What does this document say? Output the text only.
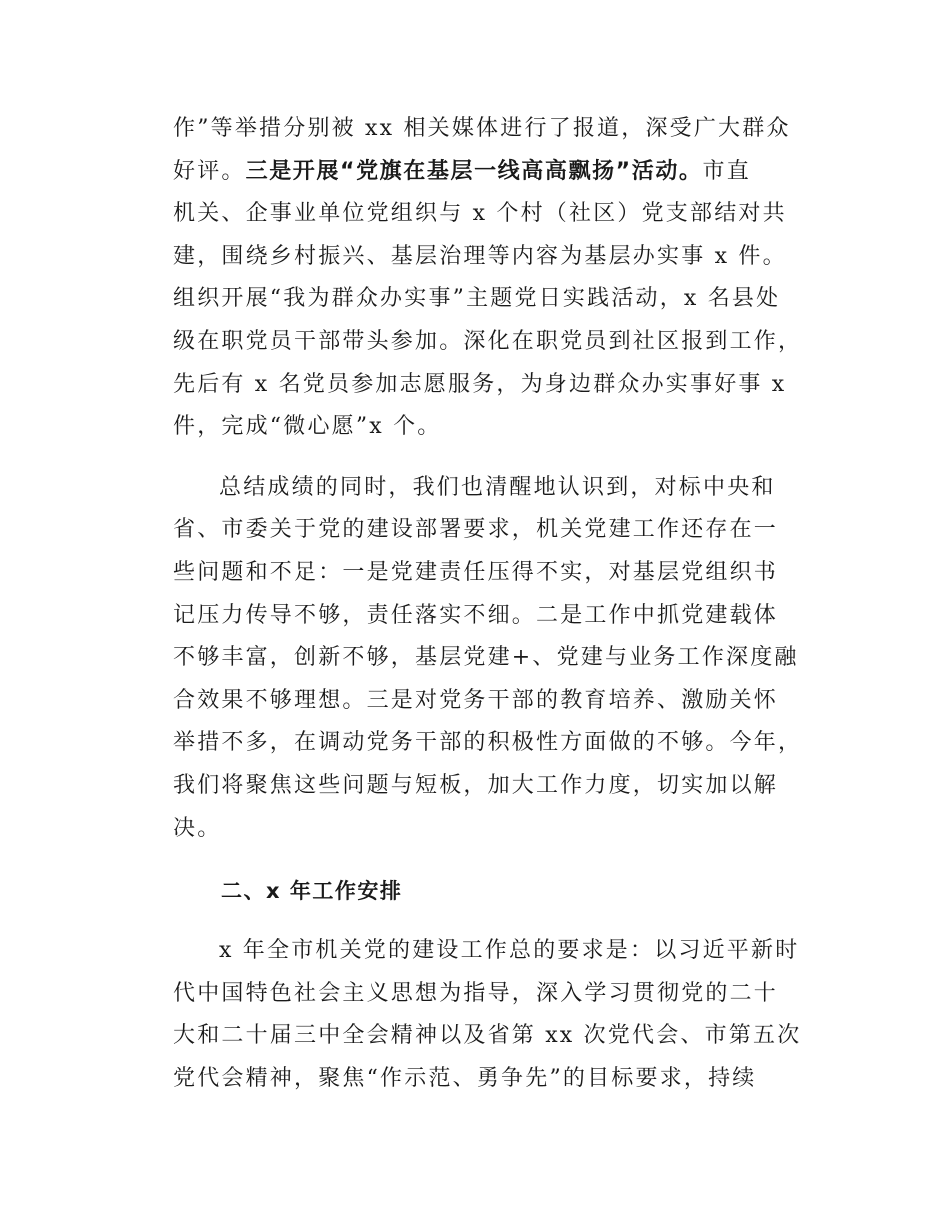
作”等举措分别被 xx 相关媒体进行了报道，深受广大群众
好评。三是开展“党旗在基层一线高高飘扬”活动。市直
机关、企事业单位党组织与 x 个村（社区）党支部结对共
建，围绕乡村振兴、基层治理等内容为基层办实事 x 件。
组织开展“我为群众办实事”主题党日实践活动，x 名县处
级在职党员干部带头参加。深化在职党员到社区报到工作，
先后有 x 名党员参加志愿服务，为身边群众办实事好事 x
件，完成“微心愿”x 个。

总结成绩的同时，我们也清醒地认识到，对标中央和
省、市委关于党的建设部署要求，机关党建工作还存在一
些问题和不足：一是党建责任压得不实，对基层党组织书
记压力传导不够，责任落实不细。二是工作中抓党建载体
不够丰富，创新不够，基层党建+、党建与业务工作深度融
合效果不够理想。三是对党务干部的教育培养、激励关怀
举措不多，在调动党务干部的积极性方面做的不够。今年，
我们将聚焦这些问题与短板，加大工作力度，切实加以解
决。

二、x 年工作安排

x 年全市机关党的建设工作总的要求是：以习近平新时
代中国特色社会主义思想为指导，深入学习贯彻党的二十
大和二十届三中全会精神以及省第 xx 次党代会、市第五次
党代会精神，聚焦“作示范、勇争先”的目标要求，持续
